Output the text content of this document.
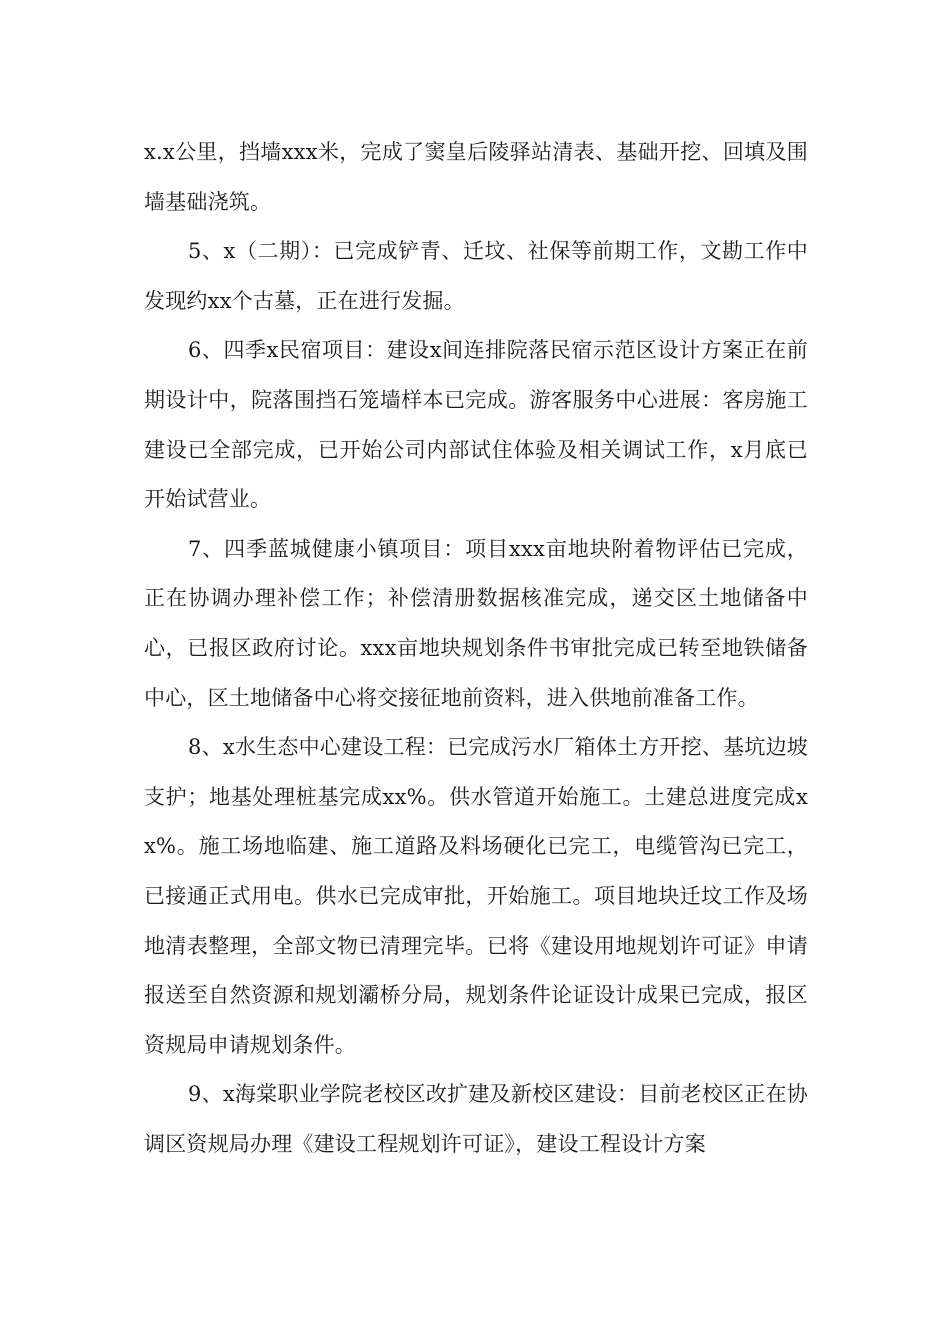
x.x公里，挡墙xxx米，完成了窦皇后陵驿站清表、基础开挖、回填及围墙基础浇筑。

5、x（二期）：已完成铲青、迁坟、社保等前期工作，文勘工作中发现约xx个古墓，正在进行发掘。

6、四季x民宿项目：建设x间连排院落民宿示范区设计方案正在前期设计中，院落围挡石笼墙样本已完成。游客服务中心进展：客房施工建设已全部完成，已开始公司内部试住体验及相关调试工作，x月底已开始试营业。

7、四季蓝城健康小镇项目：项目xxx亩地块附着物评估已完成，正在协调办理补偿工作；补偿清册数据核准完成，递交区土地储备中心，已报区政府讨论。xxx亩地块规划条件书审批完成已转至地铁储备中心，区土地储备中心将交接征地前资料，进入供地前准备工作。

8、x水生态中心建设工程：已完成污水厂箱体土方开挖、基坑边坡支护；地基处理桩基完成xx%。供水管道开始施工。土建总进度完成xx%。施工场地临建、施工道路及料场硬化已完工，电缆管沟已完工，已接通正式用电。供水已完成审批，开始施工。项目地块迁坟工作及场地清表整理，全部文物已清理完毕。已将《建设用地规划许可证》申请报送至自然资源和规划灞桥分局，规划条件论证设计成果已完成，报区资规局申请规划条件。

9、x海棠职业学院老校区改扩建及新校区建设：目前老校区正在协调区资规局办理《建设工程规划许可证》，建设工程设计方案
